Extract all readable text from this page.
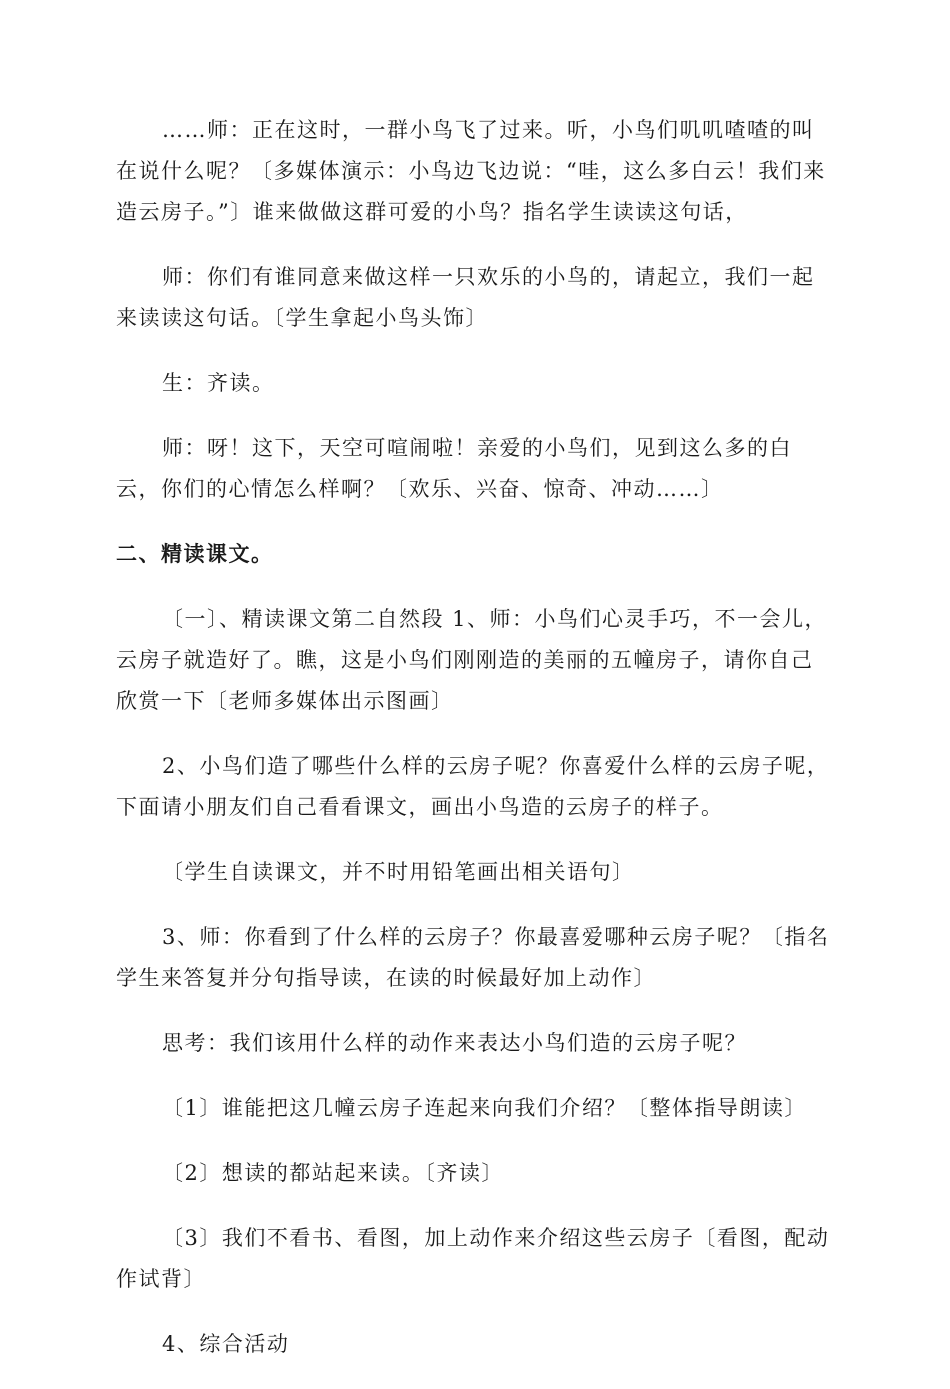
……师：正在这时，一群小鸟飞了过来。听，小鸟们叽叽喳喳的叫在说什么呢？〔多媒体演示：小鸟边飞边说：“哇，这么多白云！我们来造云房子。”〕谁来做做这群可爱的小鸟？指名学生读读这句话，

师：你们有谁同意来做这样一只欢乐的小鸟的，请起立，我们一起来读读这句话。〔学生拿起小鸟头饰〕

生：齐读。

师：呀！这下，天空可喧闹啦！亲爱的小鸟们，见到这么多的白云，你们的心情怎么样啊？〔欢乐、兴奋、惊奇、冲动……〕

二、精读课文。

〔一〕、精读课文第二自然段 1、师：小鸟们心灵手巧，不一会儿，云房子就造好了。瞧，这是小鸟们刚刚造的美丽的五幢房子，请你自己欣赏一下〔老师多媒体出示图画〕

2、小鸟们造了哪些什么样的云房子呢？你喜爱什么样的云房子呢，下面请小朋友们自己看看课文，画出小鸟造的云房子的样子。

〔学生自读课文，并不时用铅笔画出相关语句〕

3、师：你看到了什么样的云房子？你最喜爱哪种云房子呢？〔指名学生来答复并分句指导读，在读的时候最好加上动作〕

思考：我们该用什么样的动作来表达小鸟们造的云房子呢？

〔1〕谁能把这几幢云房子连起来向我们介绍？〔整体指导朗读〕

〔2〕想读的都站起来读。〔齐读〕

〔3〕我们不看书、看图，加上动作来介绍这些云房子〔看图，配动作试背〕

4、综合活动
